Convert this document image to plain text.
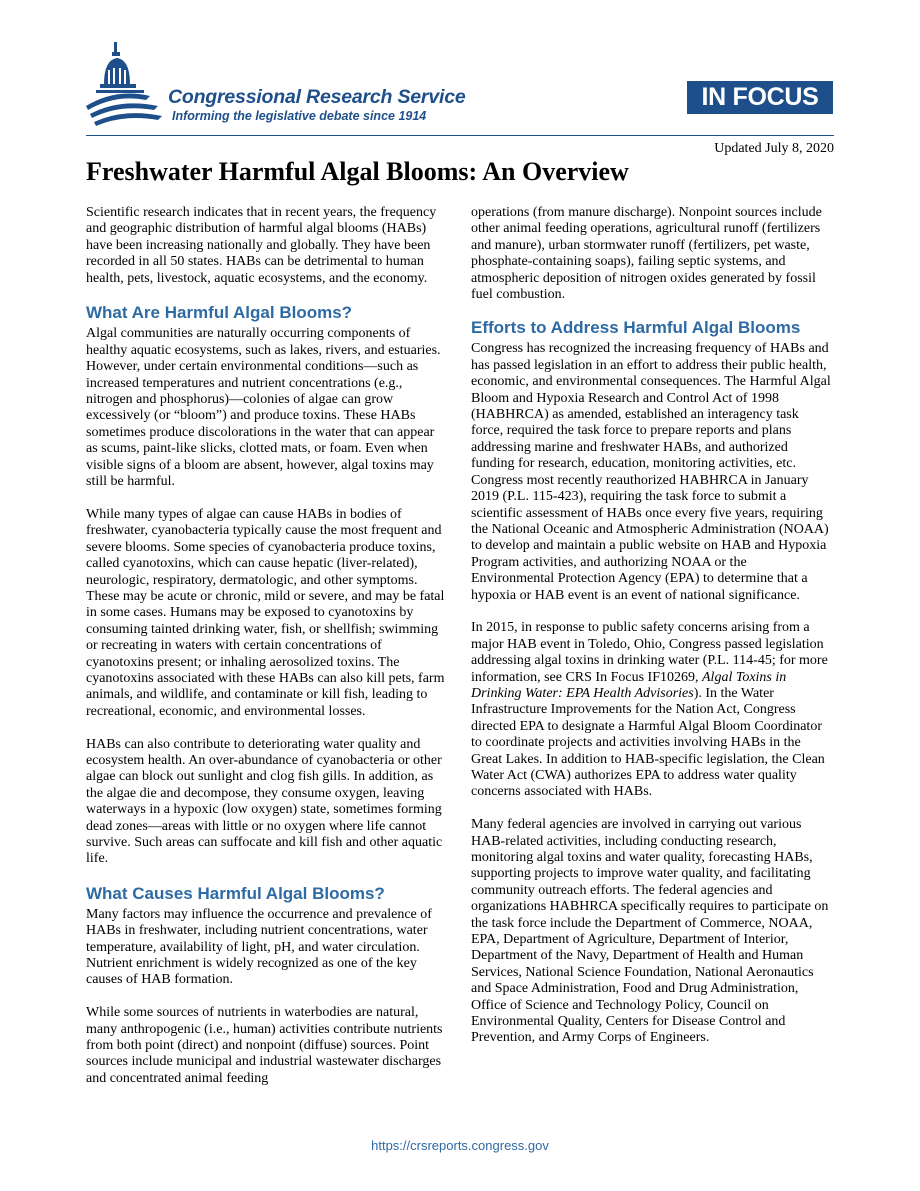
Congressional Research Service
Informing the legislative debate since 1914
IN FOCUS
Updated July 8, 2020
Freshwater Harmful Algal Blooms: An Overview

Scientific research indicates that in recent years, the frequency and geographic distribution of harmful algal blooms (HABs) have been increasing nationally and globally. They have been recorded in all 50 states. HABs can be detrimental to human health, pets, livestock, aquatic ecosystems, and the economy.

What Are Harmful Algal Blooms?

Algal communities are naturally occurring components of healthy aquatic ecosystems, such as lakes, rivers, and estuaries. However, under certain environmental conditions—such as increased temperatures and nutrient concentrations (e.g., nitrogen and phosphorus)—colonies of algae can grow excessively (or “bloom”) and produce toxins. These HABs sometimes produce discolorations in the water that can appear as scums, paint-like slicks, clotted mats, or foam. Even when visible signs of a bloom are absent, however, algal toxins may still be harmful.

While many types of algae can cause HABs in bodies of freshwater, cyanobacteria typically cause the most frequent and severe blooms. Some species of cyanobacteria produce toxins, called cyanotoxins, which can cause hepatic (liver-related), neurologic, respiratory, dermatologic, and other symptoms. These may be acute or chronic, mild or severe, and may be fatal in some cases. Humans may be exposed to cyanotoxins by consuming tainted drinking water, fish, or shellfish; swimming or recreating in waters with certain concentrations of cyanotoxins present; or inhaling aerosolized toxins. The cyanotoxins associated with these HABs can also kill pets, farm animals, and wildlife, and contaminate or kill fish, leading to recreational, economic, and environmental losses.

HABs can also contribute to deteriorating water quality and ecosystem health. An over-abundance of cyanobacteria or other algae can block out sunlight and clog fish gills. In addition, as the algae die and decompose, they consume oxygen, leaving waterways in a hypoxic (low oxygen) state, sometimes forming dead zones—areas with little or no oxygen where life cannot survive. Such areas can suffocate and kill fish and other aquatic life.

What Causes Harmful Algal Blooms?

Many factors may influence the occurrence and prevalence of HABs in freshwater, including nutrient concentrations, water temperature, availability of light, pH, and water circulation. Nutrient enrichment is widely recognized as one of the key causes of HAB formation.

While some sources of nutrients in waterbodies are natural, many anthropogenic (i.e., human) activities contribute nutrients from both point (direct) and nonpoint (diffuse) sources. Point sources include municipal and industrial wastewater discharges and concentrated animal feeding

operations (from manure discharge). Nonpoint sources include other animal feeding operations, agricultural runoff (fertilizers and manure), urban stormwater runoff (fertilizers, pet waste, phosphate-containing soaps), failing septic systems, and atmospheric deposition of nitrogen oxides generated by fossil fuel combustion.

Efforts to Address Harmful Algal Blooms

Congress has recognized the increasing frequency of HABs and has passed legislation in an effort to address their public health, economic, and environmental consequences. The Harmful Algal Bloom and Hypoxia Research and Control Act of 1998 (HABHRCA) as amended, established an interagency task force, required the task force to prepare reports and plans addressing marine and freshwater HABs, and authorized funding for research, education, monitoring activities, etc. Congress most recently reauthorized HABHRCA in January 2019 (P.L. 115-423), requiring the task force to submit a scientific assessment of HABs once every five years, requiring the National Oceanic and Atmospheric Administration (NOAA) to develop and maintain a public website on HAB and Hypoxia Program activities, and authorizing NOAA or the Environmental Protection Agency (EPA) to determine that a hypoxia or HAB event is an event of national significance.

In 2015, in response to public safety concerns arising from a major HAB event in Toledo, Ohio, Congress passed legislation addressing algal toxins in drinking water (P.L. 114-45; for more information, see CRS In Focus IF10269, Algal Toxins in Drinking Water: EPA Health Advisories). In the Water Infrastructure Improvements for the Nation Act, Congress directed EPA to designate a Harmful Algal Bloom Coordinator to coordinate projects and activities involving HABs in the Great Lakes. In addition to HAB-specific legislation, the Clean Water Act (CWA) authorizes EPA to address water quality concerns associated with HABs.

Many federal agencies are involved in carrying out various HAB-related activities, including conducting research, monitoring algal toxins and water quality, forecasting HABs, supporting projects to improve water quality, and facilitating community outreach efforts. The federal agencies and organizations HABHRCA specifically requires to participate on the task force include the Department of Commerce, NOAA, EPA, Department of Agriculture, Department of Interior, Department of the Navy, Department of Health and Human Services, National Science Foundation, National Aeronautics and Space Administration, Food and Drug Administration, Office of Science and Technology Policy, Council on Environmental Quality, Centers for Disease Control and Prevention, and Army Corps of Engineers.

https://crsreports.congress.gov
